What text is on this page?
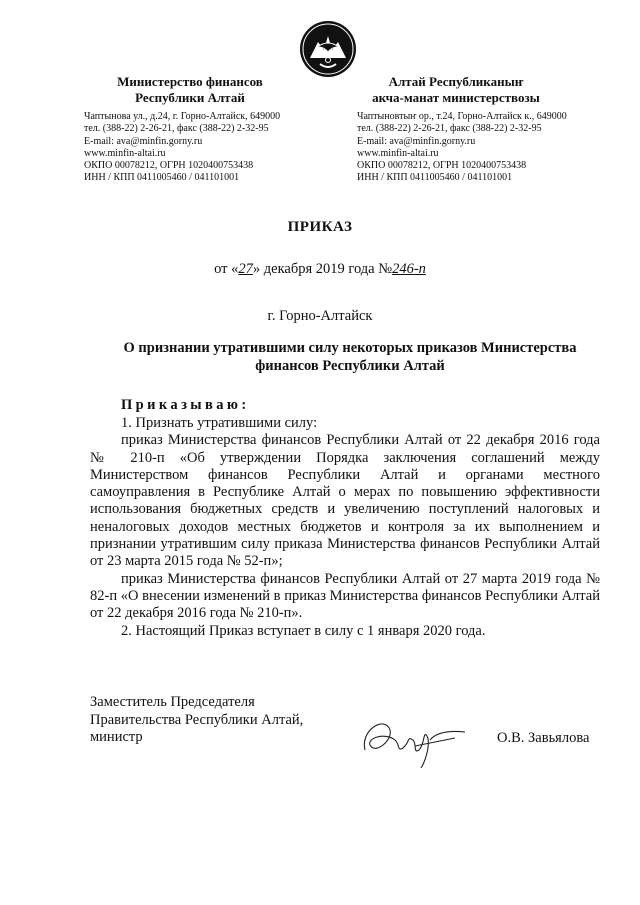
Министерство финансов
Республики Алтай
Алтай Республиканыҥ
акча-манат министерствозы
Чаптынова ул., д.24, г. Горно-Алтайск, 649000
тел. (388-22) 2-26-21, факс (388-22) 2-32-95
E-mail: ava@minfin.gorny.ru
www.minfin-altai.ru
ОКПО 00078212, ОГРН 1020400753438
ИНН / КПП 0411005460 / 041101001
Чаптыновтыҥ ор., т.24, Горно-Алтайск к., 649000
тел. (388-22) 2-26-21, факс (388-22) 2-32-95
E-mail: ava@minfin.gorny.ru
www.minfin-altai.ru
ОКПО 00078212, ОГРН 1020400753438
ИНН / КПП 0411005460 / 041101001
ПРИКАЗ
от «27» декабря 2019 года №246-п
г. Горно-Алтайск
О признании утратившими силу некоторых приказов Министерства финансов Республики Алтай
Приказываю:

1. Признать утратившими силу:

приказ Министерства финансов Республики Алтай от 22 декабря 2016 года № 210-п «Об утверждении Порядка заключения соглашений между Министерством финансов Республики Алтай и органами местного самоуправления в Республике Алтай о мерах по повышению эффективности использования бюджетных средств и увеличению поступлений налоговых и неналоговых доходов местных бюджетов и контроля за их выполнением и признании утратившим силу приказа Министерства финансов Республики Алтай от 23 марта 2015 года № 52-п»;

приказ Министерства финансов Республики Алтай от 27 марта 2019 года № 82-п «О внесении изменений в приказ Министерства финансов Республики Алтай от 22 декабря 2016 года № 210-п».

2. Настоящий Приказ вступает в силу с 1 января 2020 года.

Заместитель Председателя
Правительства Республики Алтай,
министр	О.В. Завьялова
